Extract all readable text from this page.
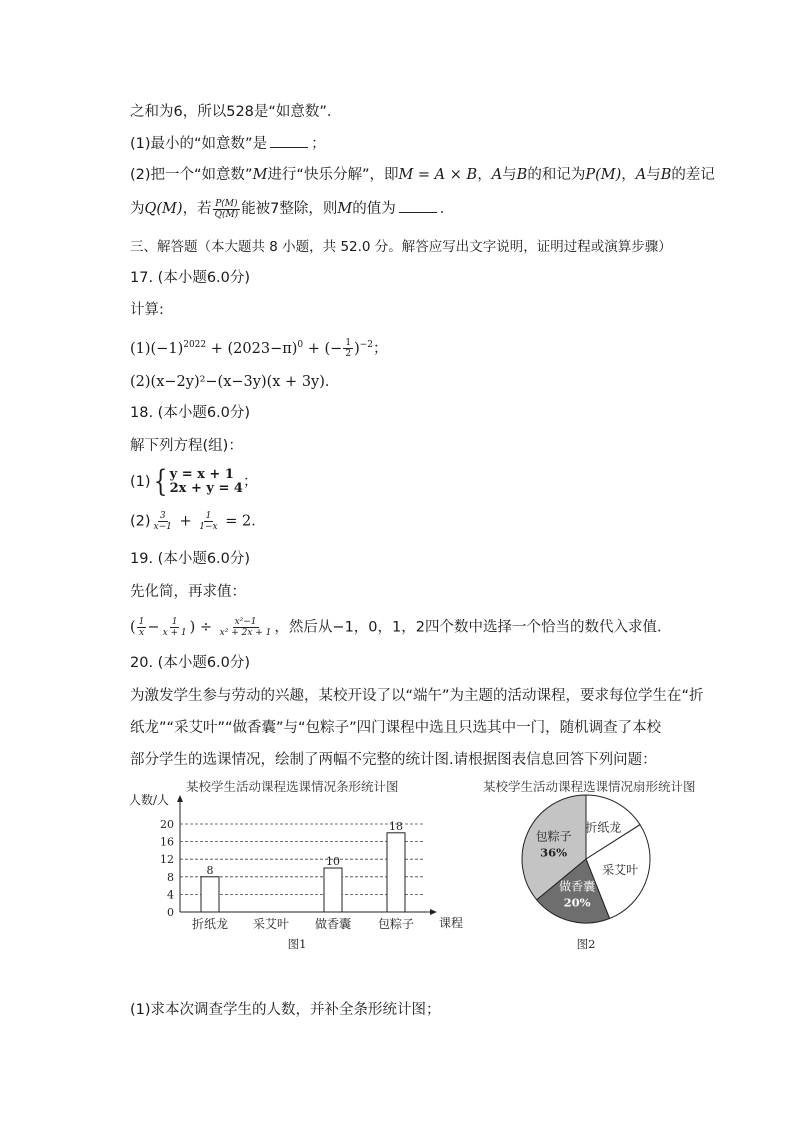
之和为6，所以528是“如意数”．
(1)最小的“如意数”是	；
(2)把一个“如意数”M进行“快乐分解”，即M = A × B，A与B的和记为P(M)，A与B的差记
为Q(M)，若 $\frac{P(M)}{Q(M)}$ 能被7整除，则M的值为	．
三、解答题（本大题共 8 小题，共 52.0 分。解答应写出文字说明，证明过程或演算步骤）
17. (本小题6.0分)
计算:
$(1)(-1)^{2022} + (2023-\pi)^0$ + (− $\frac{1}{2} )^{-2}$；
(2)(x−2y)²−(x−3y)(x + 3y)．
18. (本小题6.0分)
解下列方程(组)：
(1) { y = x + 1
2x + y = 4 ；
$(2) \frac{3}{x-1} + \frac{1}{1-x} = 2$．
19. (本小题6.0分)
先化简，再求值：
( $\frac{1}{x} - \frac{1}{x + 1}$ ) ÷ $\frac{\text{x²−1}}{\text{x² + 2x + 1}}$ ，然后从−1，0，1，2四个数中选择一个恰当的数代入求值．
20. (本小题6.0分)
为激发学生参与劳动的兴趣，某校开设了以“端午”为主题的活动课程，要求每位学生在“折
纸龙”“采艾叶”“做香囊”与“包粽子”四门课程中选且只选其中一门，随机调查了本校
部分学生的选课情况，绘制了两幅不完整的统计图.请根据图表信息回答下列问题：
某校学生活动课程选课情况条形统计图	某校学生活动课程选课情况扇形统计图
人数/人
课程
0
4
8
12
16
20
8
折纸龙 采艾叶
10
做香囊
18
包粽子
图1
折纸龙
采艾叶
做香囊
20%
包粽子
36%
图2
(1)求本次调查学生的人数，并补全条形统计图；
